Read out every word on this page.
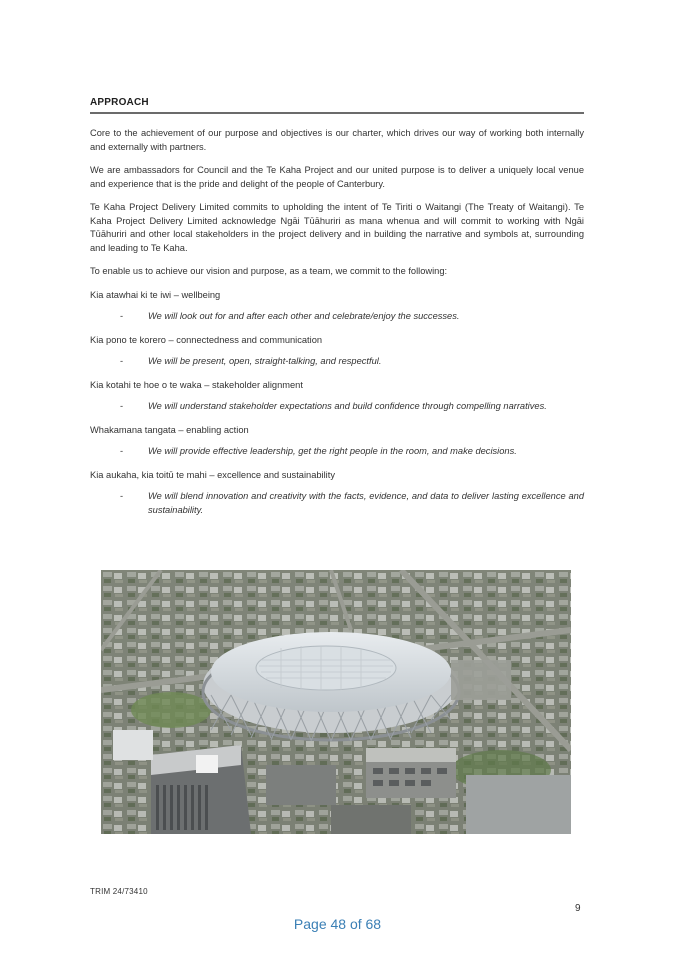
APPROACH

Core to the achievement of our purpose and objectives is our charter, which drives our way of working both internally and externally with partners.

We are ambassadors for Council and the Te Kaha Project and our united purpose is to deliver a uniquely local venue and experience that is the pride and delight of the people of Canterbury.

Te Kaha Project Delivery Limited commits to upholding the intent of Te Tiriti o Waitangi (The Treaty of Waitangi). Te Kaha Project Delivery Limited acknowledge Ngāi Tūāhuriri as mana whenua and will commit to working with Ngāi Tūāhuriri and other local stakeholders in the project delivery and in building the narrative and symbols at, surrounding and leading to Te Kaha.

To enable us to achieve our vision and purpose, as a team, we commit to the following:

Kia atawhai ki te iwi – wellbeing

-	We will look out for and after each other and celebrate/enjoy the successes.

Kia pono te korero – connectedness and communication

-	We will be present, open, straight-talking, and respectful.

Kia kotahi te hoe o te waka – stakeholder alignment

-	We will understand stakeholder expectations and build confidence through compelling narratives.

Whakamana tangata – enabling action

-	We will provide effective leadership, get the right people in the room, and make decisions.

Kia aukaha, kia toitū te mahi – excellence and sustainability

-	We will blend innovation and creativity with the facts, evidence, and data to deliver lasting excellence and sustainability.
TRIM 24/73410
9
Page 48 of 68
